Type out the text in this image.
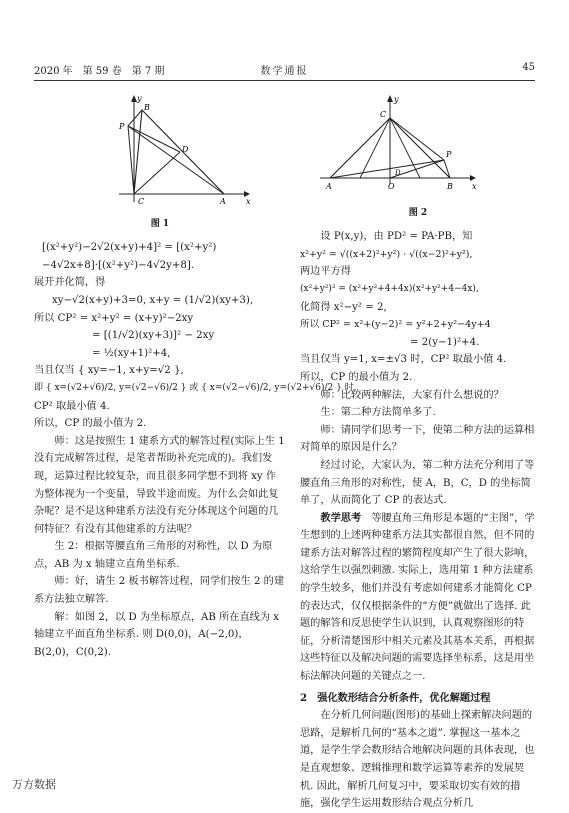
2020 年　第 59 卷　第 7 期	数学通报	45
y
B
P
D
C	A	x
图 1

[(x²+y²)−2√2(x+y)+4]² = [(x²+y²)

−4√2x+8]·[(x²+y²)−4√2y+8].

展开并化简，得

xy−√2(x+y)+3=0, x+y = (1/√2)(xy+3),

所以 CP² = x²+y² = (x+y)²−2xy

= [(1/√2)(xy+3)]² − 2xy

= ½(xy+1)²+4,

当且仅当 { xy=−1, x+y=√2 },

即 { x=(√2+√6)/2, y=(√2−√6)/2 } 或 { x=(√2−√6)/2, y=(√2+√6)/2 } 时,

CP² 取最小值 4.

所以，CP 的最小值为 2.

师：这是按照生 1 建系方式的解答过程(实际上生 1 没有完成解答过程，是笔者帮助补充完成的)。我们发现，运算过程比较复杂，而且很多同学想不到将 xy 作为整体视为一个变量，导致半途而废。为什么会如此复杂呢？是不是这种建系方法没有充分体现这个问题的几何特征？有没有其他建系的方法呢？

生 2：根据等腰直角三角形的对称性，以 D 为原点，AB 为 x 轴建立直角坐标系.

师：好，请生 2 板书解答过程，同学们按生 2 的建系方法独立解答.

解：如图 2，以 D 为坐标原点，AB 所在直线为 x 轴建立平面直角坐标系. 则 D(0,0)，A(−2,0)，B(2,0)，C(0,2).

y
C
A	O
P
B x
D
图 2

设 P(x,y)，由 PD² = PA·PB，知

x²+y² = √((x+2)²+y²) · √((x−2)²+y²),

两边平方得

(x²+y²)² = (x²+y²+4+4x)(x²+y²+4−4x),

化简得 x²−y² = 2,

所以 CP² = x²+(y−2)² = y²+2+y²−4y+4

= 2(y−1)²+4.

当且仅当 y=1, x=±√3 时，CP² 取最小值 4.

所以，CP 的最小值为 2.

师：比较两种解法，大家有什么想说的？

生：第二种方法简单多了.

师：请同学们思考一下，使第二种方法的运算相对简单的原因是什么？

经过讨论，大家认为，第二种方法充分利用了等腰直角三角形的对称性，使 A，B，C，D 的坐标简单了，从而简化了 CP 的表达式.

教学思考　等腰直角三角形是本题的“主图”，学生想到的上述两种建系方法其实都很自然，但不同的建系方法对解答过程的繁简程度却产生了很大影响，这给学生以强烈刺激. 实际上，选用第 1 种方法建系的学生较多，他们并没有考虑如何建系才能简化 CP 的表达式，仅仅根据条件的“方便”就做出了选择. 此题的解答和反思使学生认识到，认真观察图形的特征，分析清楚图形中相关元素及其基本关系，再根据这些特征以及解决问题的需要选择坐标系，这是用坐标法解决问题的关键点之一.

2　强化数形结合分析条件，优化解题过程

在分析几何问题(图形)的基础上探索解决问题的思路，是解析几何的“基本之道”. 掌握这一基本之道，是学生学会数形结合地解决问题的具体表现，也是直观想象、逻辑推理和数学运算等素养的发展契机. 因此，解析几何复习中，要采取切实有效的措施，强化学生运用数形结合观点分析几

万方数据
